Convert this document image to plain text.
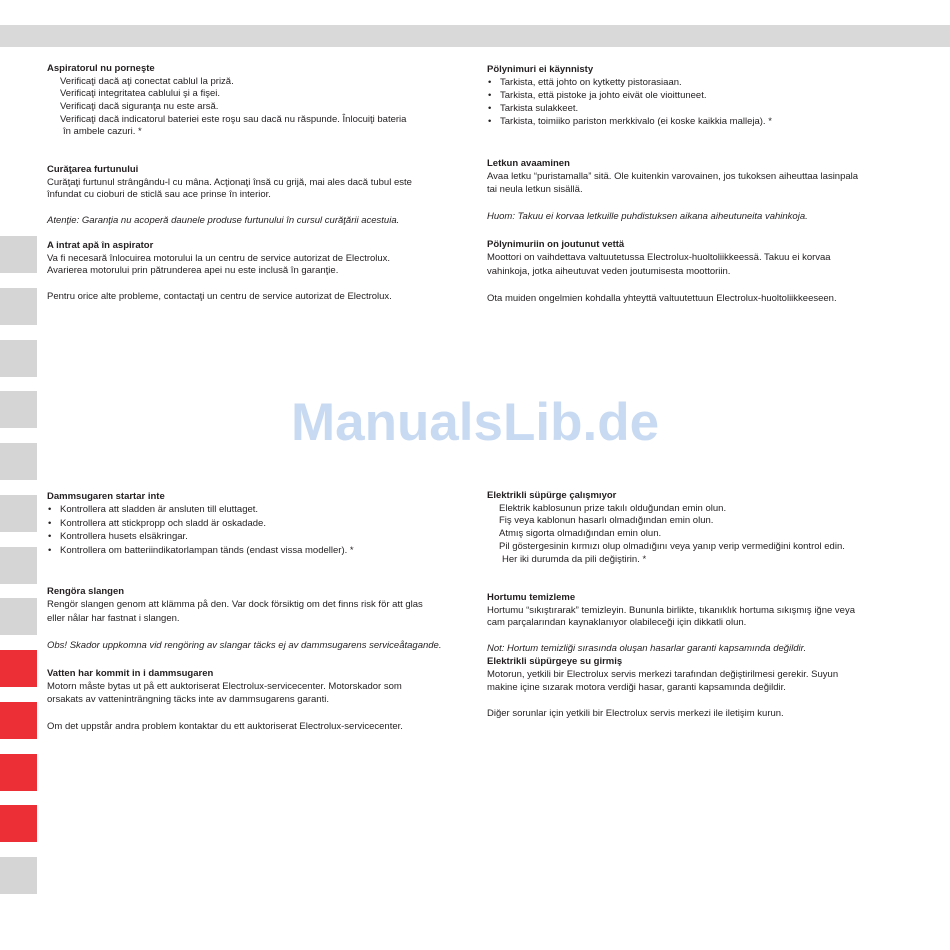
Aspiratorul nu porneşte
Verificaţi dacă aţi conectat cablul la priză.
Verificaţi integritatea cablului şi a fişei.
Verificaţi dacă siguranţa nu este arsă.
Verificaţi dacă indicatorul bateriei este roşu sau dacă nu răspunde. Înlocuiţi bateria
în ambele cazuri. *
Curăţarea furtunului
Curăţaţi furtunul strângându-l cu mâna. Acţionaţi însă cu grijă, mai ales dacă tubul este
înfundat cu cioburi de sticlă sau ace prinse în interior.
Atenţie: Garanţia nu acoperă daunele produse furtunului în cursul curăţării acestuia.
A intrat apă în aspirator
Va fi necesară înlocuirea motorului la un centru de service autorizat de Electrolux.
Avarierea motorului prin pătrunderea apei nu este inclusă în garanţie.
Pentru orice alte probleme, contactaţi un centru de service autorizat de Electrolux.
Pölynimuri ei käynnisty
• Tarkista, että johto on kytketty pistorasiaan.
• Tarkista, että pistoke ja johto eivät ole vioittuneet.
• Tarkista sulakkeet.
• Tarkista, toimiiko pariston merkkivalo (ei koske kaikkia malleja). *
Letkun avaaminen
Avaa letku “puristamalla” sitä. Ole kuitenkin varovainen, jos tukoksen aiheuttaa lasinpala
tai neula letkun sisällä.
Huom: Takuu ei korvaa letkuille puhdistuksen aikana aiheutuneita vahinkoja.
Pölynimuriin on joutunut vettä
Moottori on vaihdettava valtuutetussa Electrolux-huoltoliikkeessä. Takuu ei korvaa
vahinkoja, jotka aiheutuvat veden joutumisesta moottoriin.
Ota muiden ongelmien kohdalla yhteyttä valtuutettuun Electrolux-huoltoliikkeeseen.
ManualsLib.de
Dammsugaren startar inte
• Kontrollera att sladden är ansluten till eluttaget.
• Kontrollera att stickpropp och sladd är oskadade.
• Kontrollera husets elsäkringar.
• Kontrollera om batteriindikatorlampan tänds (endast vissa modeller). *
Rengöra slangen
Rengör slangen genom att klämma på den. Var dock försiktig om det finns risk för att glas
eller nålar har fastnat i slangen.
Obs! Skador uppkomna vid rengöring av slangar täcks ej av dammsugarens serviceåtagande.
Vatten har kommit in i dammsugaren
Motorn måste bytas ut på ett auktoriserat Electrolux-servicecenter. Motorskador som
orsakats av vatteninträngning täcks inte av dammsugarens garanti.
Om det uppstår andra problem kontaktar du ett auktoriserat Electrolux-servicecenter.
Elektrikli süpürge çalışmıyor
Elektrik kablosunun prize takılı olduğundan emin olun.
Fiş veya kablonun hasarlı olmadığından emin olun.
Atmış sigorta olmadığından emin olun.
Pil göstergesinin kırmızı olup olmadığını veya yanıp verip vermediğini kontrol edin.
Her iki durumda da pili değiştirin. *
Hortumu temizleme
Hortumu “sıkıştırarak” temizleyin. Bununla birlikte, tıkanıklık hortuma sıkışmış iğne veya
cam parçalarından kaynaklanıyor olabileceği için dikkatli olun.
Not: Hortum temizliği sırasında oluşan hasarlar garanti kapsamında değildir.
Elektrikli süpürgeye su girmiş
Motorun, yetkili bir Electrolux servis merkezi tarafından değiştirilmesi gerekir. Suyun
makine içine sızarak motora verdiği hasar, garanti kapsamında değildir.
Diğer sorunlar için yetkili bir Electrolux servis merkezi ile iletişim kurun.
